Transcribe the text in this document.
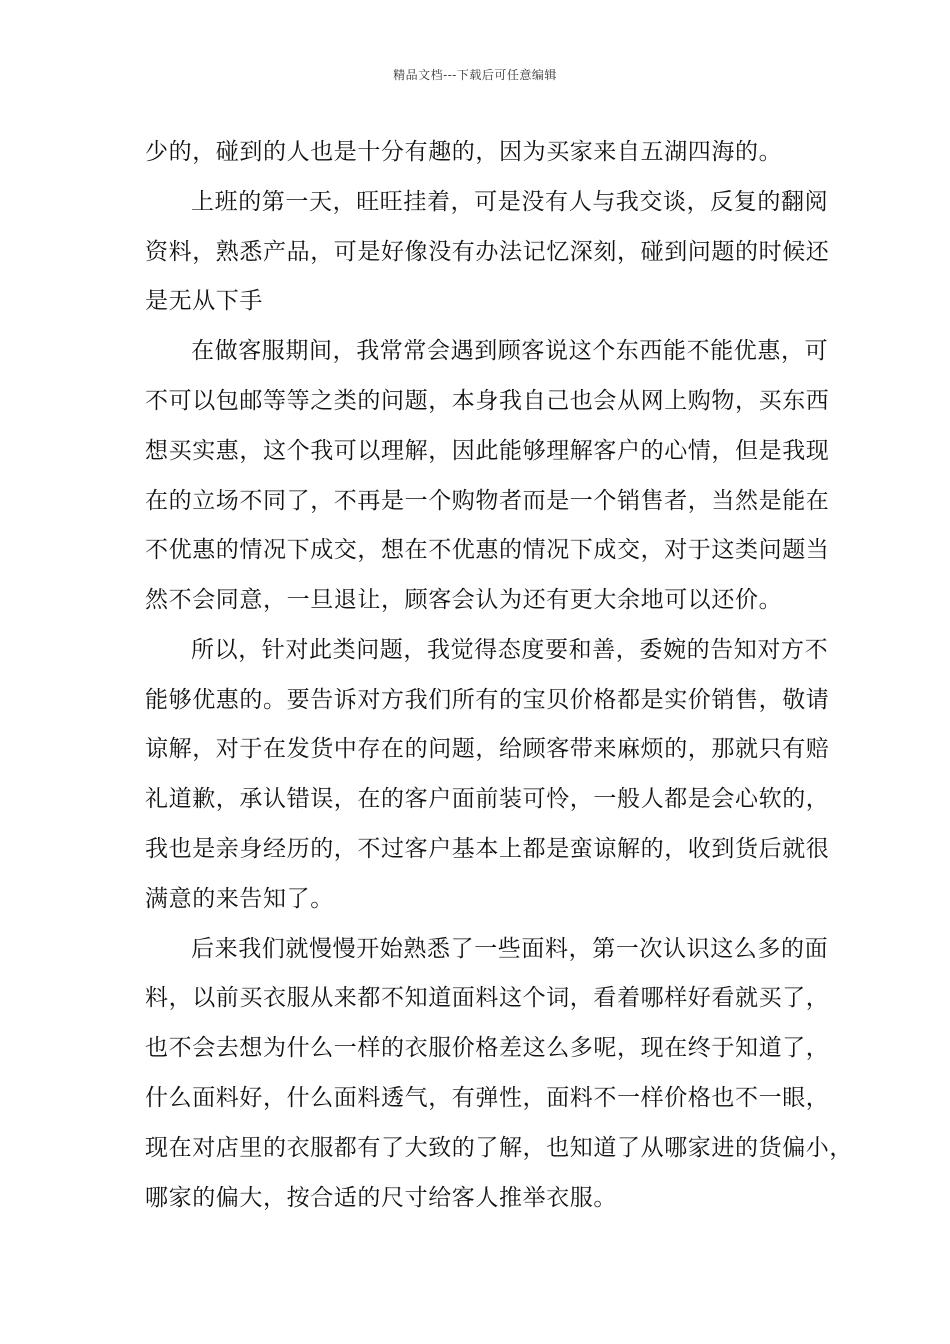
精品文档---下载后可任意编辑
少的，碰到的人也是十分有趣的，因为买家来自五湖四海的。
上班的第一天，旺旺挂着，可是没有人与我交谈，反复的翻阅
资料，熟悉产品，可是好像没有办法记忆深刻，碰到问题的时候还
是无从下手
在做客服期间，我常常会遇到顾客说这个东西能不能优惠，可
不可以包邮等等之类的问题，本身我自己也会从网上购物，买东西
想买实惠，这个我可以理解，因此能够理解客户的心情，但是我现
在的立场不同了，不再是一个购物者而是一个销售者，当然是能在
不优惠的情况下成交，想在不优惠的情况下成交，对于这类问题当
然不会同意，一旦退让，顾客会认为还有更大余地可以还价。
所以，针对此类问题，我觉得态度要和善，委婉的告知对方不
能够优惠的。要告诉对方我们所有的宝贝价格都是实价销售，敬请
谅解，对于在发货中存在的问题，给顾客带来麻烦的，那就只有赔
礼道歉，承认错误，在的客户面前装可怜，一般人都是会心软的，
我也是亲身经历的，不过客户基本上都是蛮谅解的，收到货后就很
满意的来告知了。
后来我们就慢慢开始熟悉了一些面料，第一次认识这么多的面
料，以前买衣服从来都不知道面料这个词，看着哪样好看就买了，
也不会去想为什么一样的衣服价格差这么多呢，现在终于知道了，
什么面料好，什么面料透气，有弹性，面料不一样价格也不一眼，
现在对店里的衣服都有了大致的了解，也知道了从哪家进的货偏小，
哪家的偏大，按合适的尺寸给客人推举衣服。
